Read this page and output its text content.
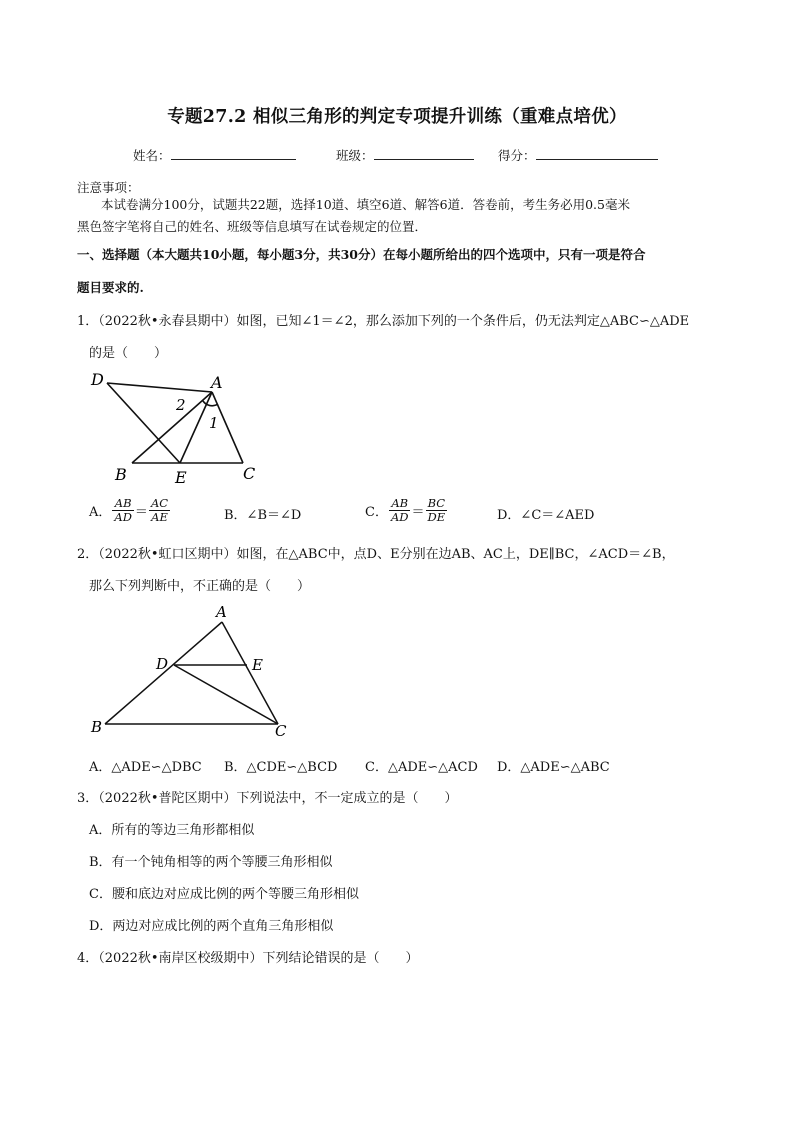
专题27.2 相似三角形的判定专项提升训练（重难点培优）
姓名：	班级：	得分：
注意事项：
本试卷满分100分，试题共22题，选择10道、填空6道、解答6道．答卷前，考生务必用0.5毫米
黑色签字笔将自己的姓名、班级等信息填写在试卷规定的位置．
一、选择题（本大题共10小题，每小题3分，共30分）在每小题所给出的四个选项中，只有一项是符合
题目要求的.
1．（2022秋•永春县期中）如图，已知∠1＝∠2，那么添加下列的一个条件后，仍无法判定△ABC∽△ADE
的是（　　）
D	A
2
1
B	E	C
A． $\frac{AB}{AD} = \frac{AC}{AE}$	B．∠B＝∠D	C． $\frac{AB}{AD} = \frac{BC}{DE}$	D．∠C＝∠AED
2．（2022秋•虹口区期中）如图，在△ABC中，点D、E分别在边AB、AC上，DE∥BC，∠ACD＝∠B，
那么下列判断中，不正确的是（　　）
A
D	E
B	C
A．△ADE∽△DBC B．△CDE∽△BCD C．△ADE∽△ACD D．△ADE∽△ABC
3．（2022秋•普陀区期中）下列说法中，不一定成立的是（　　）
A．所有的等边三角形都相似
B．有一个钝角相等的两个等腰三角形相似
C．腰和底边对应成比例的两个等腰三角形相似
D．两边对应成比例的两个直角三角形相似
4．（2022秋•南岸区校级期中）下列结论错误的是（　　）
